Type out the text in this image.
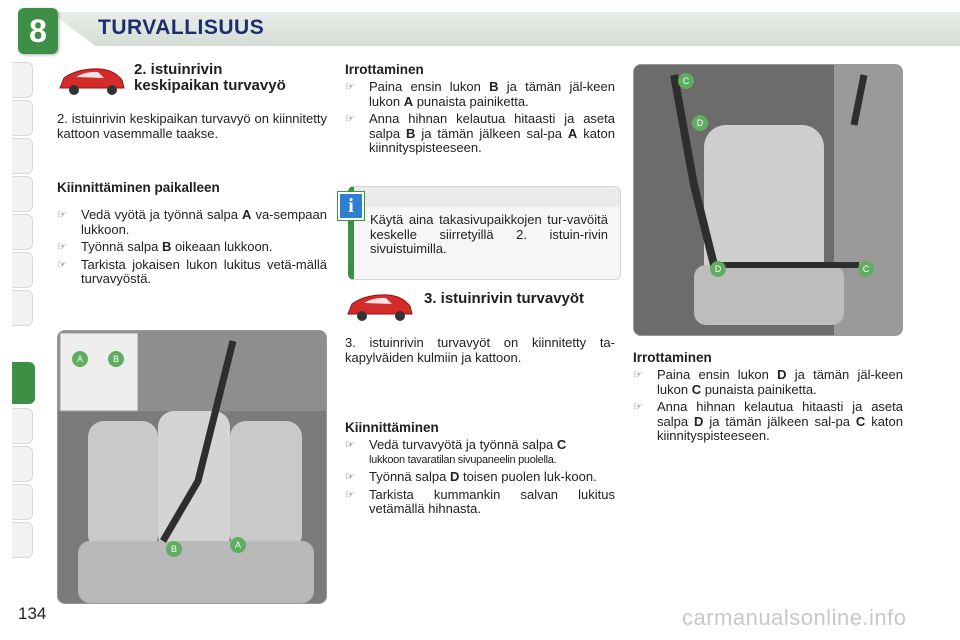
8	TURVALLISUUS
2. istuinrivin
keskipaikan turvavyö
2. istuinrivin keskipaikan turvavyö on kiinnitetty kattoon vasemmalle taakse.
Kiinnittäminen paikalleen
☞ Vedä vyötä ja työnnä salpa A va-sempaan lukkoon.
☞ Työnnä salpa B oikeaan lukkoon.
☞ Tarkista jokaisen lukon lukitus vetä-mällä turvavyöstä.
A	B
B	A
Irrottaminen
☞ Paina ensin lukon B ja tämän jäl-keen lukon A punaista painiketta.
☞ Anna hihnan kelautua hitaasti ja aseta salpa B ja tämän jälkeen sal-pa A katon kiinnityspisteeseen.
i
Käytä aina takasivupaikkojen tur-vavöitä keskelle siirretyillä 2. istuin-rivin sivuistuimilla.
3. istuinrivin turvavyöt
3. istuinrivin turvavyöt on kiinnitetty ta-kapylväiden kulmiin ja kattoon.
Kiinnittäminen
☞ Vedä turvavyötä ja työnnä salpa C
lukkoon tavaratilan sivupaneelin puolella.
☞ Työnnä salpa D toisen puolen luk-koon.
☞ Tarkista kummankin salvan lukitus vetämällä hihnasta.
C
D
D	C
Irrottaminen
☞ Paina ensin lukon D ja tämän jäl-keen lukon C punaista painiketta.
☞ Anna hihnan kelautua hitaasti ja aseta salpa D ja tämän jälkeen sal-pa C katon kiinnityspisteeseen.
134	carmanualsonline.info
